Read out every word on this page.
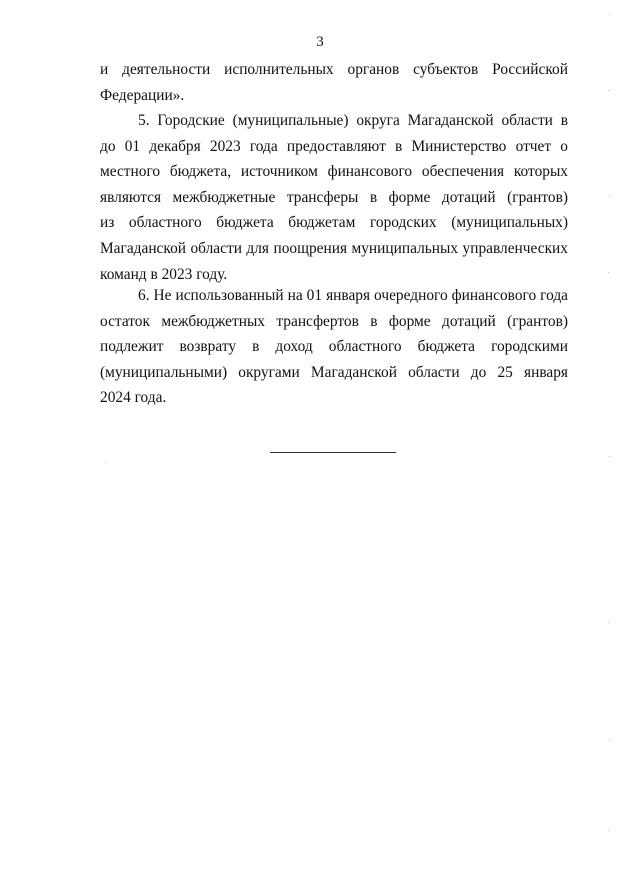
3
и деятельности исполнительных органов субъектов Российской
Федерации».
5. Городские (муниципальные) округа Магаданской области в
до 01 декабря 2023 года предоставляют в Министерство отчет о
местного бюджета, источником финансового обеспечения которых
являются межбюджетные трансферы в форме дотаций (грантов)
из областного бюджета бюджетам городских (муниципальных)
Магаданской области для поощрения муниципальных управленческих
команд в 2023 году.
6. Не использованный на 01 января очередного финансового года
остаток межбюджетных трансфертов в форме дотаций (грантов)
подлежит возврату в доход областного бюджета городскими
(муниципальными) округами Магаданской области до 25 января
2024 года.
